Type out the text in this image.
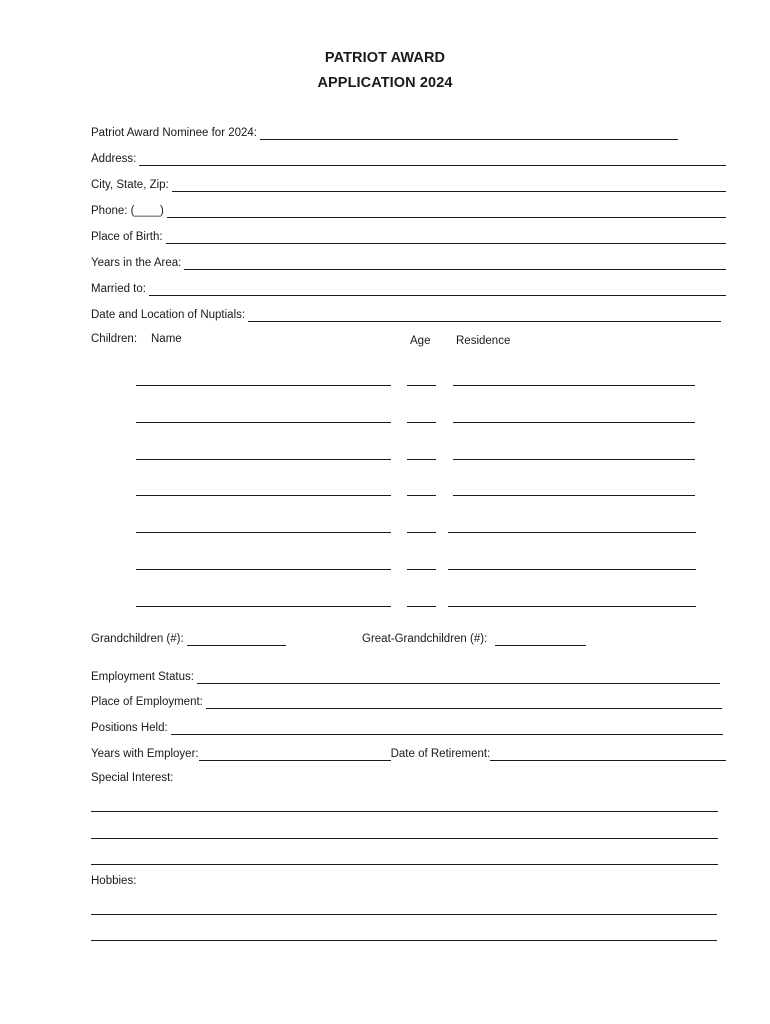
PATRIOT AWARD
APPLICATION 2024
Patriot Award Nominee for 2024:
Address:
City, State, Zip:
Phone: (____)
Place of Birth:
Years in the Area:
Married to:
Date and Location of Nuptials:
Children: Name	Age Residence
Grandchildren (#):	Great-Grandchildren (#):
Employment Status:
Place of Employment:
Positions Held:
Years with Employer:	Date of Retirement:
Special Interest:
Hobbies:
